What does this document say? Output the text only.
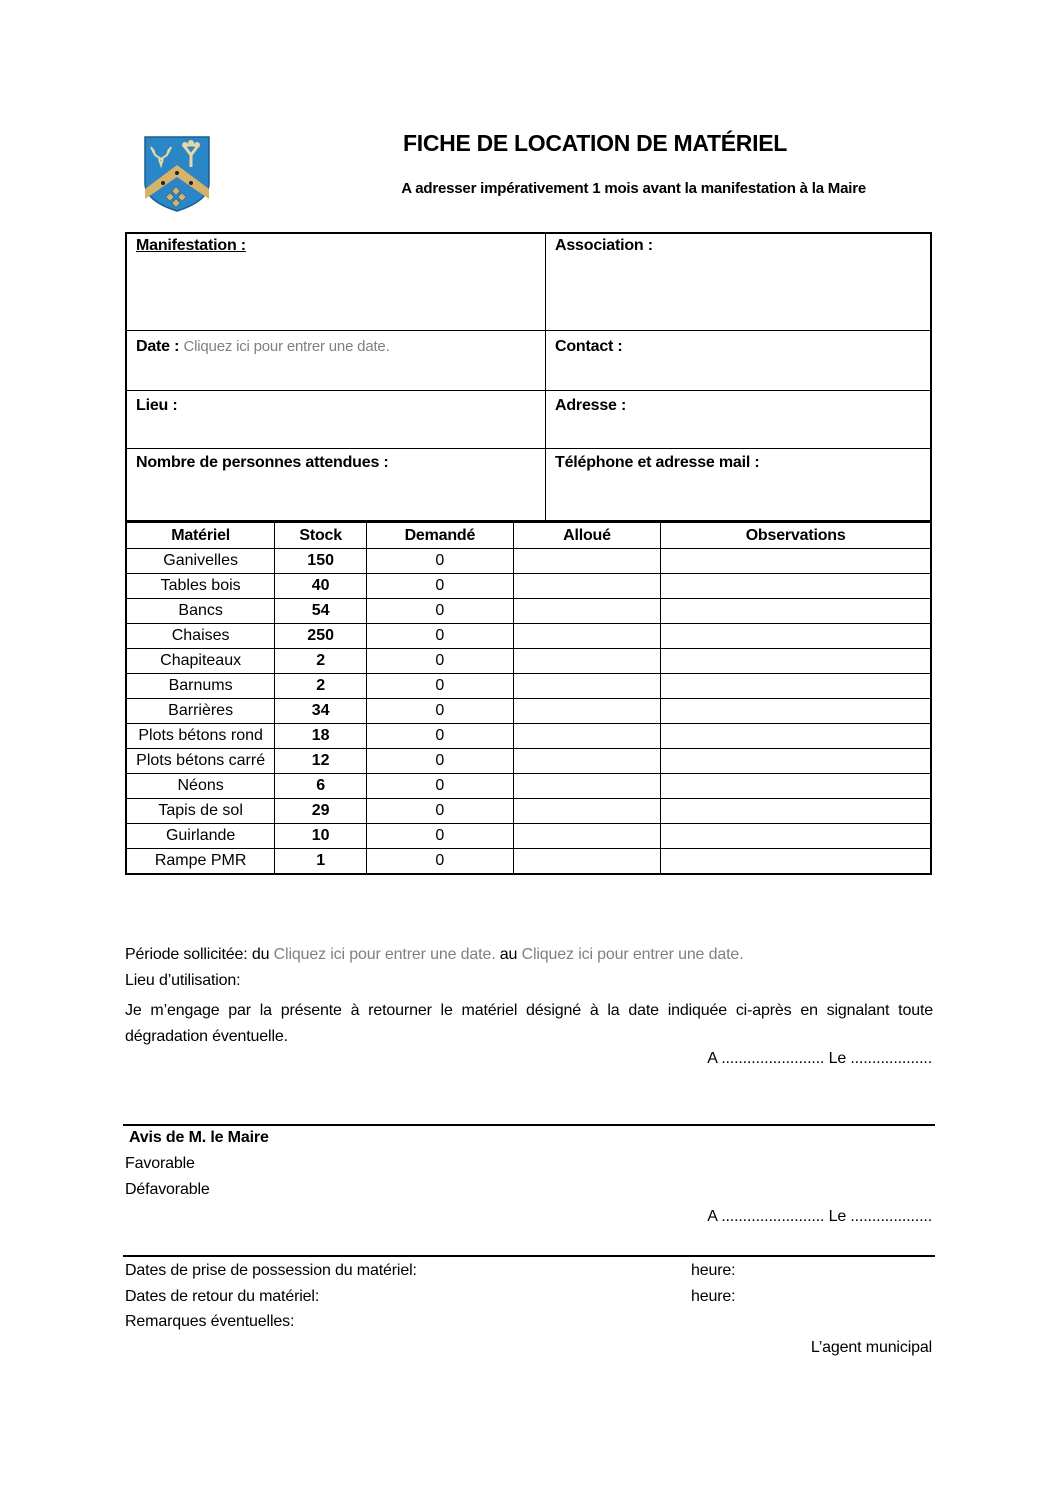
FICHE DE LOCATION DE MATÉRIEL
A adresser impérativement 1 mois avant la manifestation à la Maire
Manifestation :	Association :
Date : Cliquez ici pour entrer une date.	Contact :
Lieu :	Adresse :
Nombre de personnes attendues :	Téléphone et adresse mail :
Matériel	Stock	Demandé	Alloué	Observations
Ganivelles	150	0		
Tables bois	40	0		
Bancs	54	0		
Chaises	250	0		
Chapiteaux	2	0		
Barnums	2	0		
Barrières	34	0		
Plots bétons rond	18	0		
Plots bétons carré	12	0		
Néons	6	0		
Tapis de sol	29	0		
Guirlande	10	0		
Rampe PMR	1	0		
Période sollicitée: du Cliquez ici pour entrer une date. au Cliquez ici pour entrer une date.
Lieu d’utilisation:
Je m’engage par la présente à retourner le matériel désigné à la date indiquée ci-après en signalant toute dégradation éventuelle.
A ........................ Le ...................
Avis de M. le Maire
Favorable
Défavorable
A ........................ Le ...................
Dates de prise de possession du matériel:	heure:
Dates de retour du matériel:	heure:
Remarques éventuelles:
L’agent municipal
